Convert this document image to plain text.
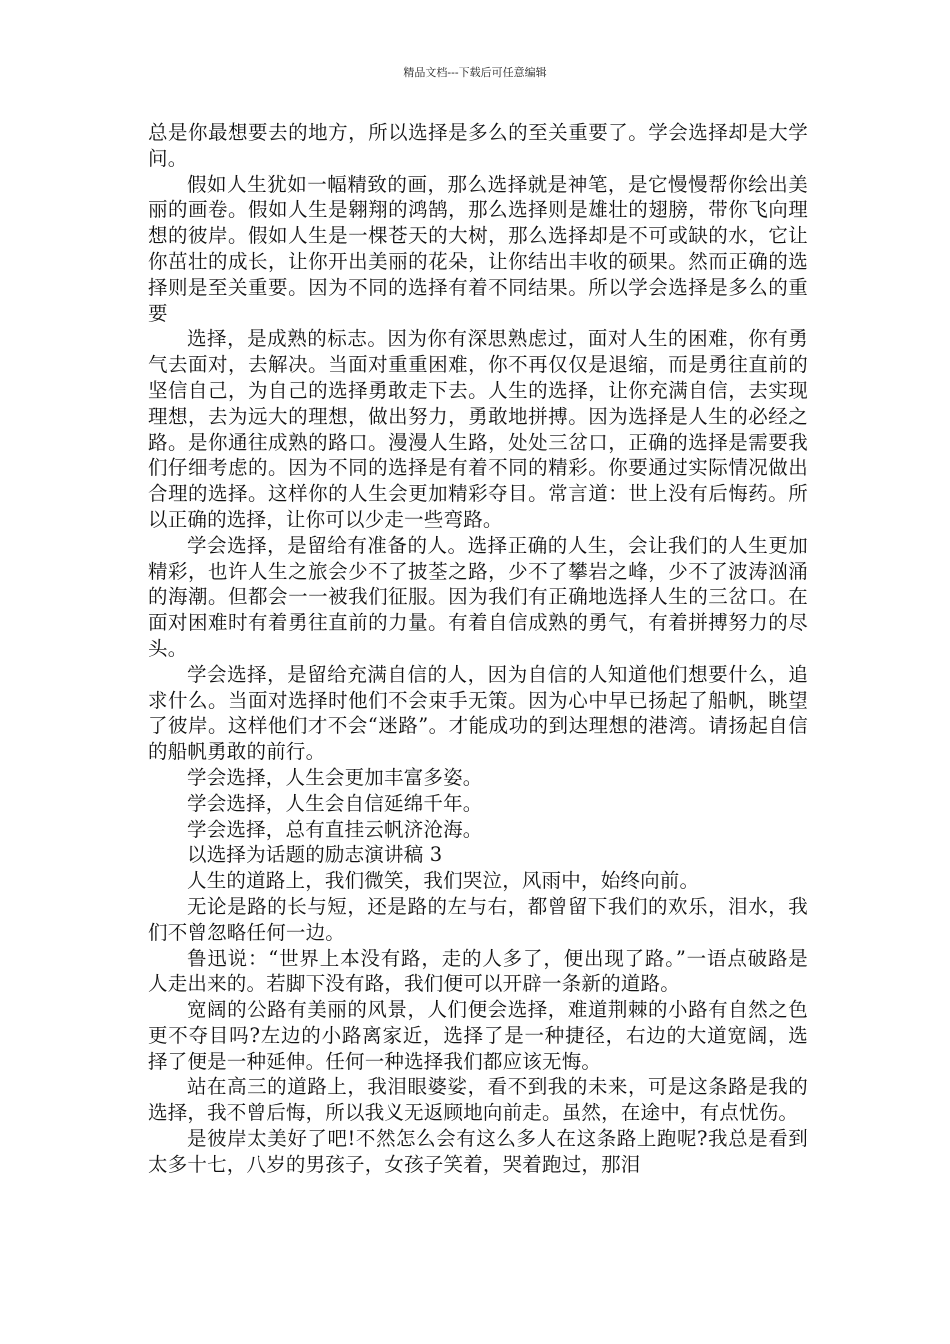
精品文档---下载后可任意编辑

总是你最想要去的地方，所以选择是多么的至关重要了。学会选择却是大学问。

假如人生犹如一幅精致的画，那么选择就是神笔，是它慢慢帮你绘出美丽的画卷。假如人生是翱翔的鸿鹄，那么选择则是雄壮的翅膀，带你飞向理想的彼岸。假如人生是一棵苍天的大树，那么选择却是不可或缺的水，它让你茁壮的成长，让你开出美丽的花朵，让你结出丰收的硕果。然而正确的选择则是至关重要。因为不同的选择有着不同结果。所以学会选择是多么的重要

选择，是成熟的标志。因为你有深思熟虑过，面对人生的困难，你有勇气去面对，去解决。当面对重重困难，你不再仅仅是退缩，而是勇往直前的坚信自己，为自己的选择勇敢走下去。人生的选择，让你充满自信，去实现理想，去为远大的理想，做出努力，勇敢地拼搏。因为选择是人生的必经之路。是你通往成熟的路口。漫漫人生路，处处三岔口，正确的选择是需要我们仔细考虑的。因为不同的选择是有着不同的精彩。你要通过实际情况做出合理的选择。这样你的人生会更加精彩夺目。常言道：世上没有后悔药。所以正确的选择，让你可以少走一些弯路。

学会选择，是留给有准备的人。选择正确的人生，会让我们的人生更加精彩，也许人生之旅会少不了披荃之路，少不了攀岩之峰，少不了波涛汹涌的海潮。但都会一一被我们征服。因为我们有正确地选择人生的三岔口。在面对困难时有着勇往直前的力量。有着自信成熟的勇气，有着拼搏努力的尽头。

学会选择，是留给充满自信的人，因为自信的人知道他们想要什么，追求什么。当面对选择时他们不会束手无策。因为心中早已扬起了船帆，眺望了彼岸。这样他们才不会“迷路”。才能成功的到达理想的港湾。请扬起自信的船帆勇敢的前行。

学会选择，人生会更加丰富多姿。

学会选择，人生会自信延绵千年。

学会选择，总有直挂云帆济沧海。

以选择为话题的励志演讲稿 3

人生的道路上，我们微笑，我们哭泣，风雨中，始终向前。

无论是路的长与短，还是路的左与右，都曾留下我们的欢乐，泪水，我们不曾忽略任何一边。

鲁迅说：“世界上本没有路，走的人多了，便出现了路。”一语点破路是人走出来的。若脚下没有路，我们便可以开辟一条新的道路。

宽阔的公路有美丽的风景，人们便会选择，难道荆棘的小路有自然之色更不夺目吗?左边的小路离家近，选择了是一种捷径，右边的大道宽阔，选择了便是一种延伸。任何一种选择我们都应该无悔。

站在高三的道路上，我泪眼婆娑，看不到我的未来，可是这条路是我的选择，我不曾后悔，所以我义无返顾地向前走。虽然，在途中，有点忧伤。

是彼岸太美好了吧!不然怎么会有这么多人在这条路上跑呢?我总是看到太多十七，八岁的男孩子，女孩子笑着，哭着跑过，那泪
